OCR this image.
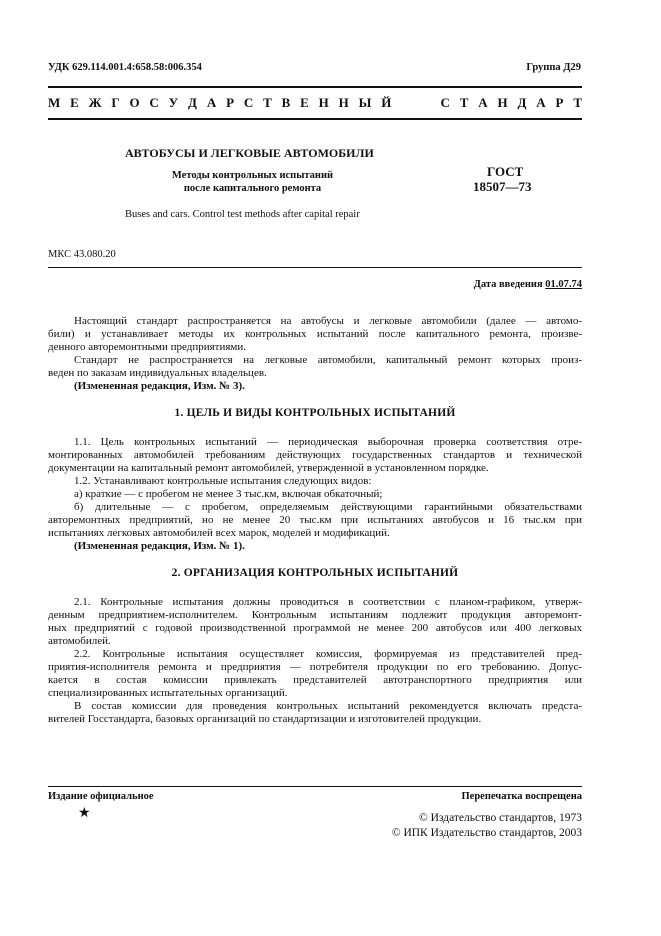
УДК 629.114.001.4:658.58:006.354	Группа Д29
М Е Ж Г О С У Д А Р С Т В Е Н Н Ы Й     С Т А Н Д А Р Т
АВТОБУСЫ И ЛЕГКОВЫЕ АВТОМОБИЛИ
Методы контрольных испытаний
после капитального ремонта
Buses and cars. Control test methods after capital repair
ГОСТ
18507—73
МКС 43.080.20
Дата введения 01.07.74
Настоящий стандарт распространяется на автобусы и легковые автомобили (далее — автомо-
били) и устанавливает методы их контрольных испытаний после капитального ремонта, произве-
денного авторемонтными предприятиями.
Стандарт не распространяется на легковые автомобили, капитальный ремонт которых произ-
веден по заказам индивидуальных владельцев.
(Измененная редакция, Изм. № 3).
1. ЦЕЛЬ И ВИДЫ КОНТРОЛЬНЫХ ИСПЫТАНИЙ
1.1. Цель контрольных испытаний — периодическая выборочная проверка соответствия отре-
монтированных автомобилей требованиям действующих государственных стандартов и технической
документации на капитальный ремонт автомобилей, утвержденной в установленном порядке.
1.2. Устанавливают контрольные испытания следующих видов:
а) краткие — с пробегом не менее 3 тыс.км, включая обкаточный;
б) длительные — с пробегом, определяемым действующими гарантийными обязательствами
авторемонтных предприятий, но не менее 20 тыс.км при испытаниях автобусов и 16 тыс.км при
испытаниях легковых автомобилей всех марок, моделей и модификаций.
(Измененная редакция, Изм. № 1).
2. ОРГАНИЗАЦИЯ КОНТРОЛЬНЫХ ИСПЫТАНИЙ
2.1. Контрольные испытания должны проводиться в соответствии с планом-графиком, утверж-
денным предприятием-исполнителем. Контрольным испытаниям подлежит продукция авторемонт-
ных предприятий с годовой производственной программой не менее 200 автобусов или 400 легковых
автомобилей.
2.2. Контрольные испытания осуществляет комиссия, формируемая из представителей пред-
приятия-исполнителя ремонта и предприятия — потребителя продукции по его требованию. Допус-
кается в состав комиссии привлекать представителей автотранспортного предприятия или
специализированных испытательных организаций.
В состав комиссии для проведения контрольных испытаний рекомендуется включать предста-
вителей Госстандарта, базовых организаций по стандартизации и изготовителей продукции.
Издание официальное	Перепечатка воспрещена
★	© Издательство стандартов, 1973
© ИПК Издательство стандартов, 2003
